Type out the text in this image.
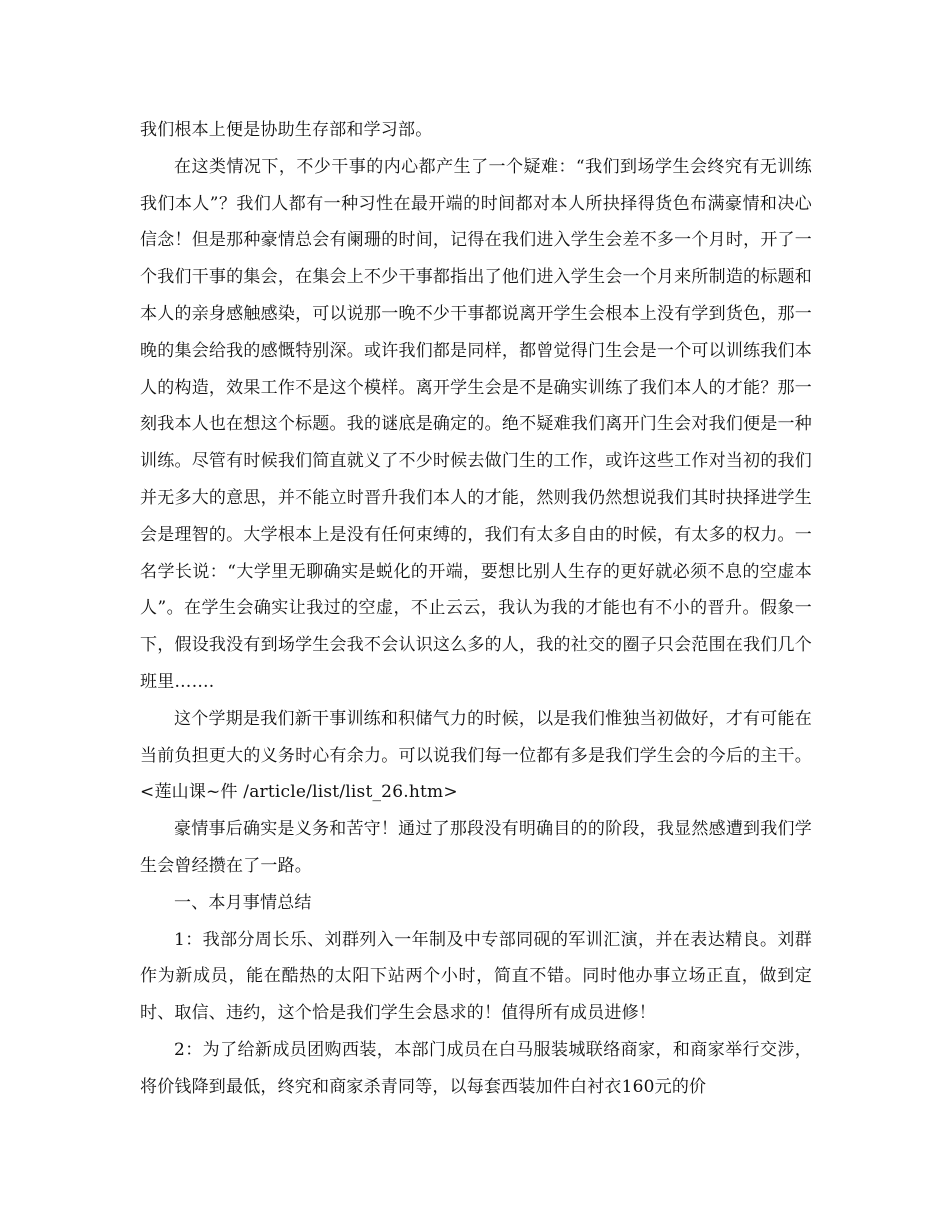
我们根本上便是协助生存部和学习部。

在这类情况下，不少干事的内心都产生了一个疑难：“我们到场学生会终究有无训练我们本人”？我们人都有一种习性在最开端的时间都对本人所抉择得货色布满豪情和决心信念！但是那种豪情总会有阑珊的时间，记得在我们进入学生会差不多一个月时，开了一个我们干事的集会，在集会上不少干事都指出了他们进入学生会一个月来所制造的标题和本人的亲身感触感染，可以说那一晚不少干事都说离开学生会根本上没有学到货色，那一晚的集会给我的感慨特别深。或许我们都是同样，都曾觉得门生会是一个可以训练我们本人的构造，效果工作不是这个模样。离开学生会是不是确实训练了我们本人的才能？那一刻我本人也在想这个标题。我的谜底是确定的。绝不疑难我们离开门生会对我们便是一种训练。尽管有时候我们简直就义了不少时候去做门生的工作，或许这些工作对当初的我们并无多大的意思，并不能立时晋升我们本人的才能，然则我仍然想说我们其时抉择进学生会是理智的。大学根本上是没有任何束缚的，我们有太多自由的时候，有太多的权力。一名学长说：“大学里无聊确实是蜕化的开端，要想比别人生存的更好就必须不息的空虚本人”。在学生会确实让我过的空虚，不止云云，我认为我的才能也有不小的晋升。假象一下，假设我没有到场学生会我不会认识这么多的人，我的社交的圈子只会范围在我们几个班里…….

这个学期是我们新干事训练和积储气力的时候，以是我们惟独当初做好，才有可能在当前负担更大的义务时心有余力。可以说我们每一位都有多是我们学生会的今后的主干。<莲山课~件 /article/list/list_26.htm>

豪情事后确实是义务和苦守！通过了那段没有明确目的的阶段，我显然感遭到我们学生会曾经攒在了一路。

一、本月事情总结

1：我部分周长乐、刘群列入一年制及中专部同砚的军训汇演，并在表达精良。刘群作为新成员，能在酷热的太阳下站两个小时，简直不错。同时他办事立场正直，做到定时、取信、违约，这个恰是我们学生会恳求的！值得所有成员进修！

2：为了给新成员团购西装，本部门成员在白马服装城联络商家，和商家举行交涉，将价钱降到最低，终究和商家杀青同等，以每套西装加件白衬衣160元的价
